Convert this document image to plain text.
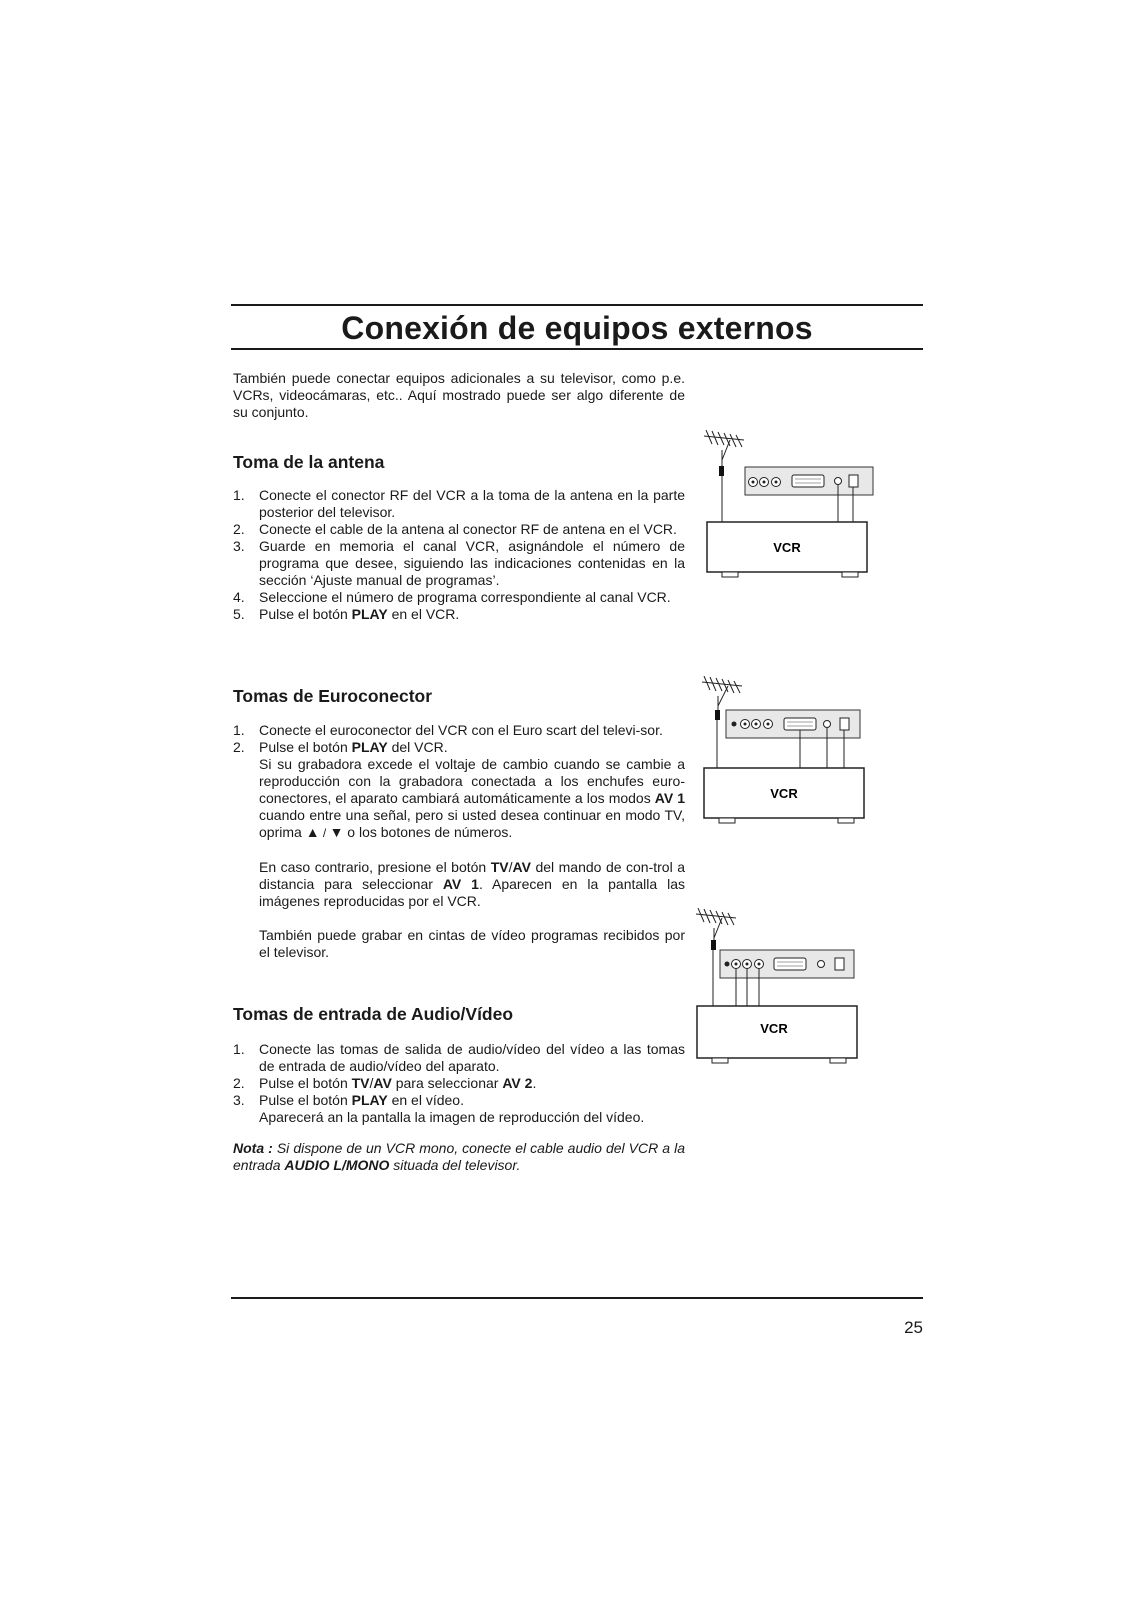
Conexión de equipos externos
También puede conectar equipos adicionales a su televisor, como p.e. VCRs, videocámaras, etc.. Aquí mostrado puede ser algo diferente de su conjunto.
Toma de la antena
1. Conecte el conector RF del VCR a la toma de la antena en la parte posterior del televisor.
2. Conecte el cable de la antena al conector RF de antena en el VCR.
3. Guarde en memoria el canal VCR, asignándole el número de programa que desee, siguiendo las indicaciones contenidas en la sección ‘Ajuste manual de programas’.
4. Seleccione el número de programa correspondiente al canal VCR.
5. Pulse el botón PLAY en el VCR.
Tomas de Euroconector
1. Conecte el euroconector del VCR con el Euro scart del televi-sor.
2. Pulse el botón PLAY del VCR.
Si su grabadora excede el voltaje de cambio cuando se cambie a reproducción con la grabadora conectada a los enchufes euro-conectores, el aparato cambiará automáticamente a los modos AV 1 cuando entre una señal, pero si usted desea continuar en modo TV, oprima ▲ / ▼ o los botones de números.
En caso contrario, presione el botón TV/AV del mando de con-trol a distancia para seleccionar AV 1. Aparecen en la pantalla las imágenes reproducidas por el VCR.
También puede grabar en cintas de vídeo programas recibidos por el televisor.
Tomas de entrada de Audio/Vídeo
1. Conecte las tomas de salida de audio/vídeo del vídeo a las tomas de entrada de audio/vídeo del aparato.
2. Pulse el botón TV/AV para seleccionar AV 2.
3. Pulse el botón PLAY en el vídeo.
Aparecerá an la pantalla la imagen de reproducción del vídeo.
Nota : Si dispone de un VCR mono, conecte el cable audio del VCR a la entrada AUDIO L/MONO situada del televisor.
VCR
VCR
VCR
25
